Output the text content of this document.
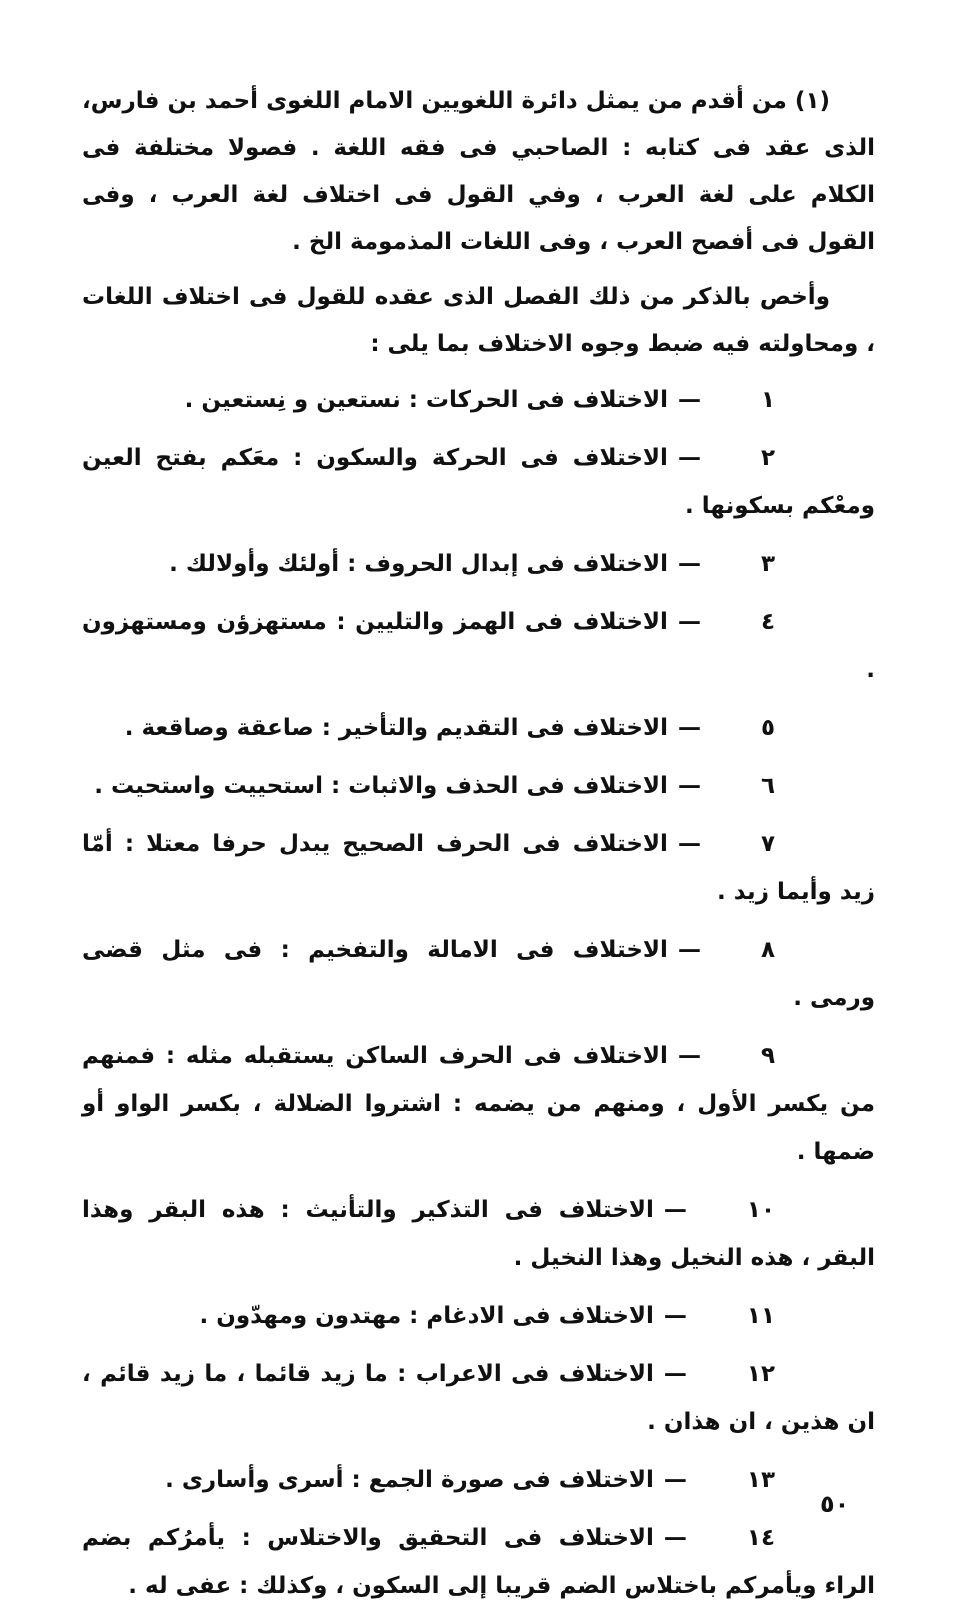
(١) من أقدم من يمثل دائرة اللغويين الامام اللغوى أحمد بن فارس، الذى عقد فى كتابه : الصاحبي فى فقه اللغة . فصولا مختلفة فى الكلام على لغة العرب ، وفي القول فى اختلاف لغة العرب ، وفى القول فى أفصح العرب ، وفى اللغات المذمومة الخ .

وأخص بالذكر من ذلك الفصل الذى عقده للقول فى اختلاف اللغات ، ومحاولته فيه ضبط وجوه الاختلاف بما يلى :

١—الاختلاف فى الحركات : نستعين و نِستعين .

٢—الاختلاف فى الحركة والسكون : معَكم بفتح العين ومعْكم بسكونها .

٣—الاختلاف فى إبدال الحروف : أولئك وأولالك .

٤—الاختلاف فى الهمز والتليين : مستهزؤن ومستهزون .

٥—الاختلاف فى التقديم والتأخير : صاعقة وصاقعة .

٦—الاختلاف فى الحذف والاثبات : استحييت واستحيت .

٧—الاختلاف فى الحرف الصحيح يبدل حرفا معتلا : أمّا زيد وأيما زيد .

٨—الاختلاف فى الامالة والتفخيم : فى مثل قضى ورمى .

٩—الاختلاف فى الحرف الساكن يستقبله مثله : فمنهم من يكسر الأول ، ومنهم من يضمه : اشتروا الضلالة ، بكسر الواو أو ضمها .

١٠—الاختلاف فى التذكير والتأنيث : هذه البقر وهذا البقر ، هذه النخيل وهذا النخيل .

١١—الاختلاف فى الادغام : مهتدون ومهدّون .

١٢—الاختلاف فى الاعراب : ما زيد قائما ، ما زيد قائم ، ان هذين ، ان هذان .

١٣—الاختلاف فى صورة الجمع : أسرى وأسارى .

١٤—الاختلاف فى التحقيق والاختلاس : يأمرُكم بضم الراء ويأمركم باختلاس الضم قريبا إلى السكون ، وكذلك : عفى له .

٥٠
